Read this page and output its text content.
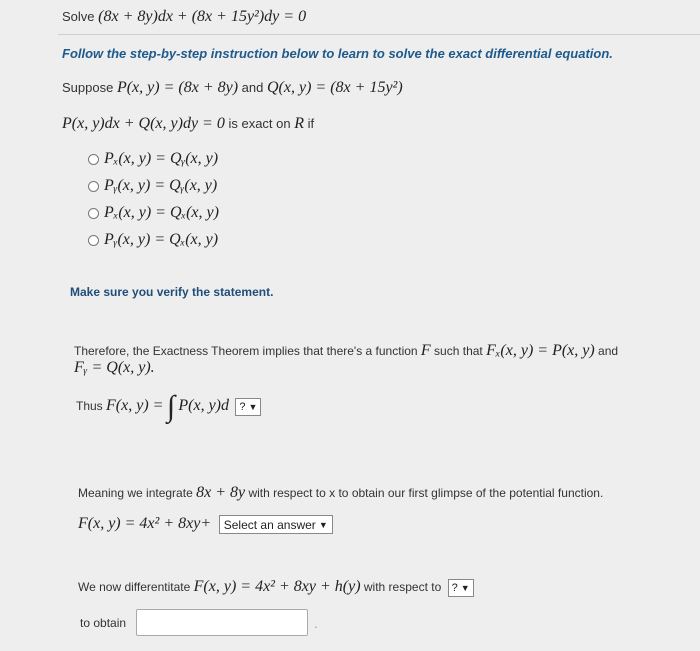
Solve (8x + 8y)dx + (8x + 15y²)dy = 0
Follow the step-by-step instruction below to learn to solve the exact differential equation.
Suppose P(x, y) = (8x + 8y) and Q(x, y) = (8x + 15y²)
P(x, y)dx + Q(x, y)dy = 0 is exact on R if
Pₓ(x, y) = Qᵧ(x, y)
Pᵧ(x, y) = Qᵧ(x, y)
Pₓ(x, y) = Qₓ(x, y)
Pᵧ(x, y) = Qₓ(x, y)
Make sure you verify the statement.
Therefore, the Exactness Theorem implies that there's a function F such that Fₓ(x, y) = P(x, y) and
Fᵧ = Q(x, y).
Thus F(x, y) = ∫ P(x, y)d ? ▼
Meaning we integrate 8x + 8y with respect to x to obtain our first glimpse of the potential function.
F(x, y) = 4x² + 8xy+ Select an answer ▼
We now differentitate F(x, y) = 4x² + 8xy + h(y) with respect to ? ▼
to obtain	.
